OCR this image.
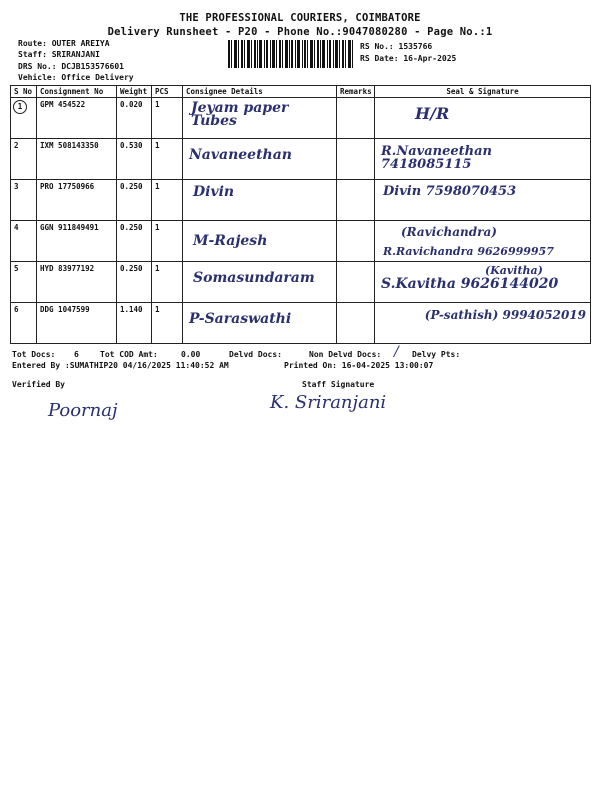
THE PROFESSIONAL COURIERS, COIMBATORE
Delivery Runsheet - P20 - Phone No.:9047080280 - Page No.:1
Route: OUTER AREIYA
Staff: SRIRANJANI
DRS No.: DCJB153576601
Vehicle: Office Delivery
RS No.: 1535766
RS Date: 16-Apr-2025
S No	Consignment No	Weight	PCS	Consignee Details	Remarks	Seal & Signature
1	GPM 454522	0.020	1	Jeyam paper Tubes		H/R

2	IXM 508143350	0.530	1	Navaneethan		R.Navaneethan 7418085115

3	PRO 17750966	0.250	1	Divin		Divin 7598070453

4	GGN 911849491	0.250	1	M-Rajesh		(Ravichandra)
R.Ravichandra 9626999957

5	HYD 83977192	0.250	1	Somasundaram		(Kavitha)
S.Kavitha 9626144020

6	DDG 1047599	1.140	1	P-Saraswathi		(P-sathish) 9994052019
Tot Docs: 6	Tot COD Amt:	0.00	Delvd Docs:	Non Delvd Docs: / Delvy Pts:
Entered By :SUMATHIP20 04/16/2025 11:40:52 AM	Printed On: 16-04-2025 13:00:07
Verified By
Poornaj
Staff Signature
K. Sriranjani
